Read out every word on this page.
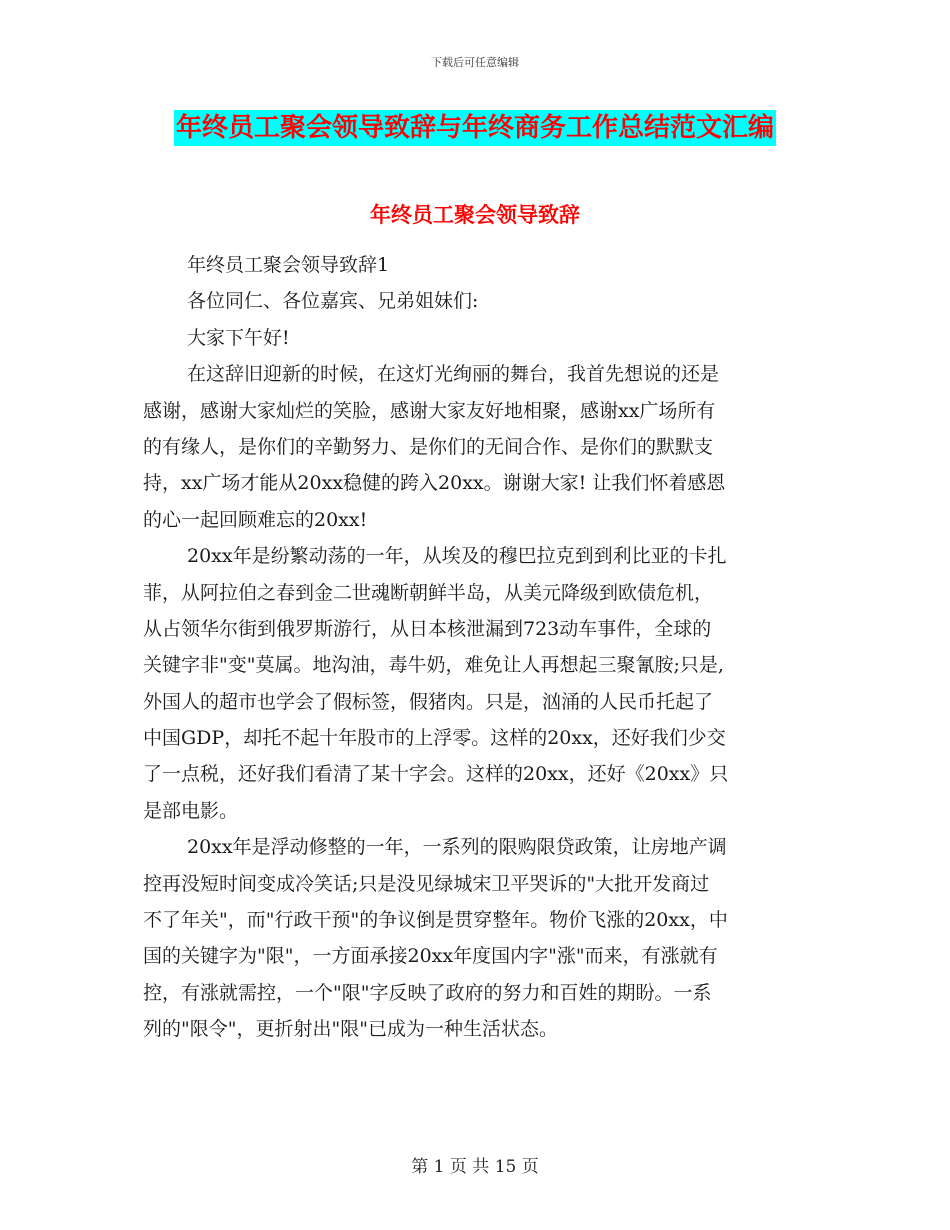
下载后可任意编辑
年终员工聚会领导致辞与年终商务工作总结范文汇编
年终员工聚会领导致辞
年终员工聚会领导致辞1
各位同仁、各位嘉宾、兄弟姐妹们:
大家下午好!
在这辞旧迎新的时候，在这灯光绚丽的舞台，我首先想说的还是
感谢，感谢大家灿烂的笑脸，感谢大家友好地相聚，感谢xx广场所有
的有缘人，是你们的辛勤努力、是你们的无间合作、是你们的默默支
持，xx广场才能从20xx稳健的跨入20xx。谢谢大家! 让我们怀着感恩
的心一起回顾难忘的20xx!
20xx年是纷繁动荡的一年，从埃及的穆巴拉克到到利比亚的卡扎
菲，从阿拉伯之春到金二世魂断朝鲜半岛，从美元降级到欧债危机，
从占领华尔街到俄罗斯游行，从日本核泄漏到723动车事件，全球的
关键字非"变"莫属。地沟油，毒牛奶，难免让人再想起三聚氰胺;只是,
外国人的超市也学会了假标签，假猪肉。只是，汹涌的人民币托起了
中国GDP，却托不起十年股市的上浮零。这样的20xx，还好我们少交
了一点税，还好我们看清了某十字会。这样的20xx，还好《20xx》只
是部电影。
20xx年是浮动修整的一年，一系列的限购限贷政策，让房地产调
控再没短时间变成冷笑话;只是没见绿城宋卫平哭诉的"大批开发商过
不了年关"，而"行政干预"的争议倒是贯穿整年。物价飞涨的20xx，中
国的关键字为"限"，一方面承接20xx年度国内字"涨"而来，有涨就有
控，有涨就需控，一个"限"字反映了政府的努力和百姓的期盼。一系
列的"限令"，更折射出"限"已成为一种生活状态。
第 1 页 共 15 页
